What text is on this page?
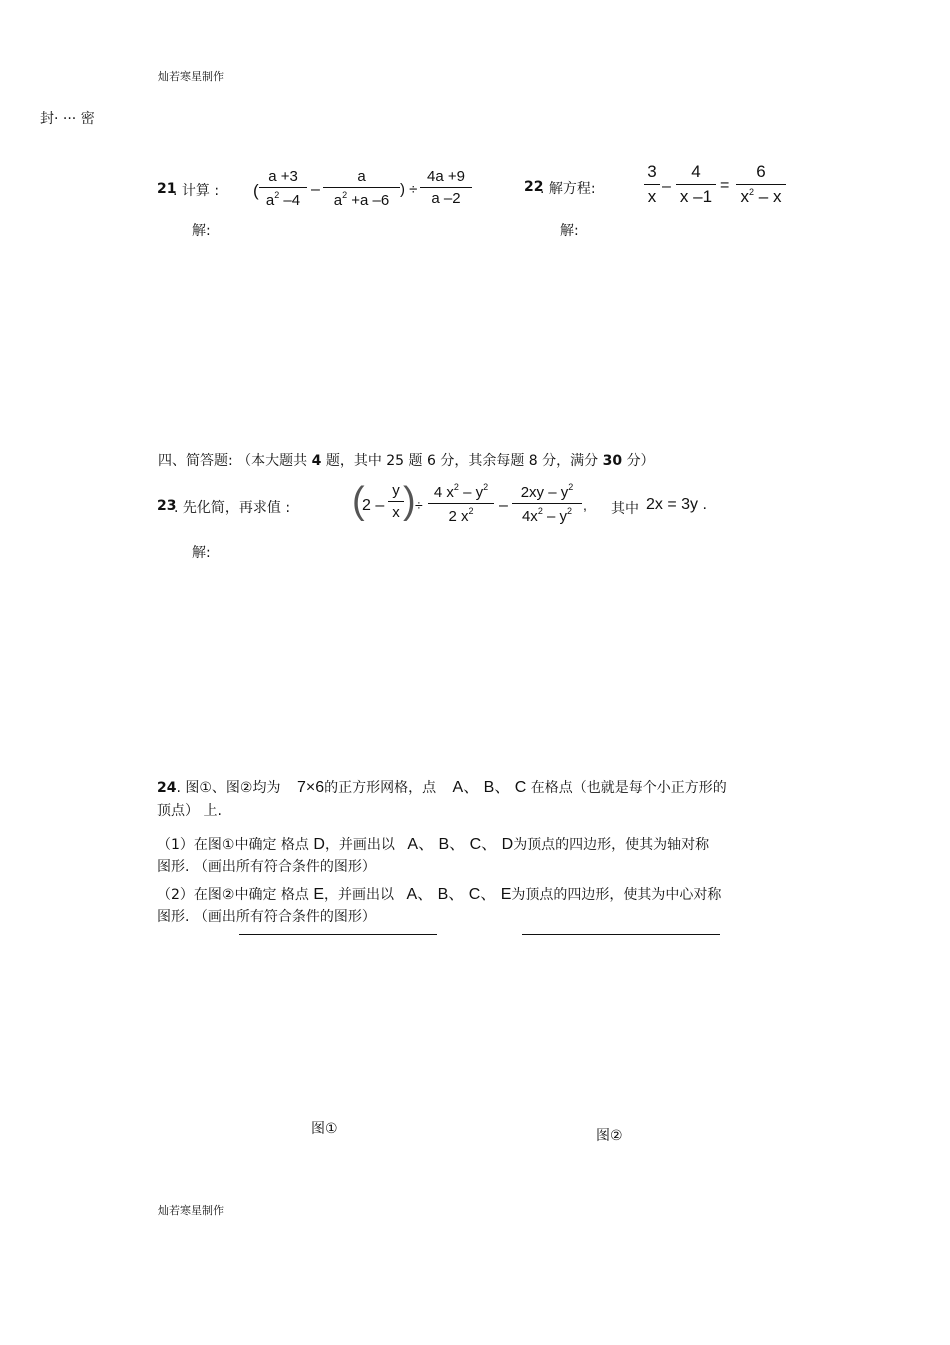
灿若寒星制作
封· ··· 密
21
. 计算 : (
a +3
$a^2$ –4
–
a
$a^2 +a$ –6
) ÷
4a +9
a –2
解:
22
. 解方程:
3
x
–
4
x –1
=
6
$x^2$ – x
解:
四、简答题: （本大题共 4 题，其中 25 题 6 分，其余每题 8 分，满分 30 分）
23
. 先化简，再求值 : (
2 –
y
x ) ÷
4 $x^2 - y^2$
2 $x^2$	–
$2xy - y^2$
$4x^2 - y^2$ , 其中 2x = 3y .
解:
24. 图①、图②均为 7×6的正方形网格，点 A、 B、 C 在格点（也就是每个小正方形的
顶点） 上.
（1）在图①中确定 格点 D，并画出以 A、 B、 C、 D为顶点的四边形，使其为轴对称
图形. （画出所有符合条件的图形）
（2）在图②中确定 格点 E，并画出以 A、 B、 C、 E为顶点的四边形，使其为中心对称
图形. （画出所有符合条件的图形）
图①	图②
灿若寒星制作
